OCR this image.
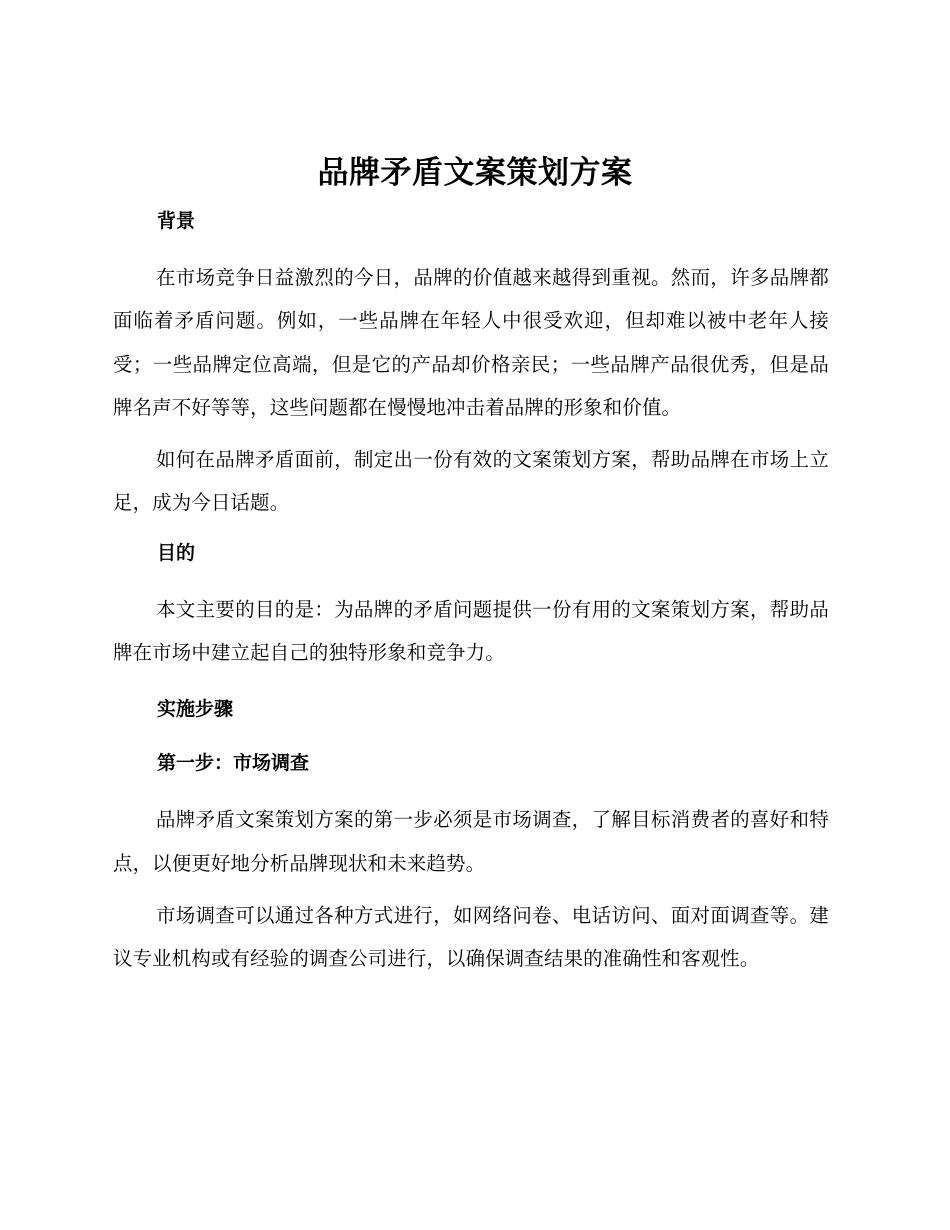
品牌矛盾文案策划方案
背景

在市场竞争日益激烈的今日，品牌的价值越来越得到重视。然而，许多品牌都面临着矛盾问题。例如，一些品牌在年轻人中很受欢迎，但却难以被中老年人接受；一些品牌定位高端，但是它的产品却价格亲民；一些品牌产品很优秀，但是品牌名声不好等等，这些问题都在慢慢地冲击着品牌的形象和价值。

如何在品牌矛盾面前，制定出一份有效的文案策划方案，帮助品牌在市场上立足，成为今日话题。

目的

本文主要的目的是：为品牌的矛盾问题提供一份有用的文案策划方案，帮助品牌在市场中建立起自己的独特形象和竞争力。

实施步骤
第一步：市场调查

品牌矛盾文案策划方案的第一步必须是市场调查，了解目标消费者的喜好和特点，以便更好地分析品牌现状和未来趋势。

市场调查可以通过各种方式进行，如网络问卷、电话访问、面对面调查等。建议专业机构或有经验的调查公司进行，以确保调查结果的准确性和客观性。
